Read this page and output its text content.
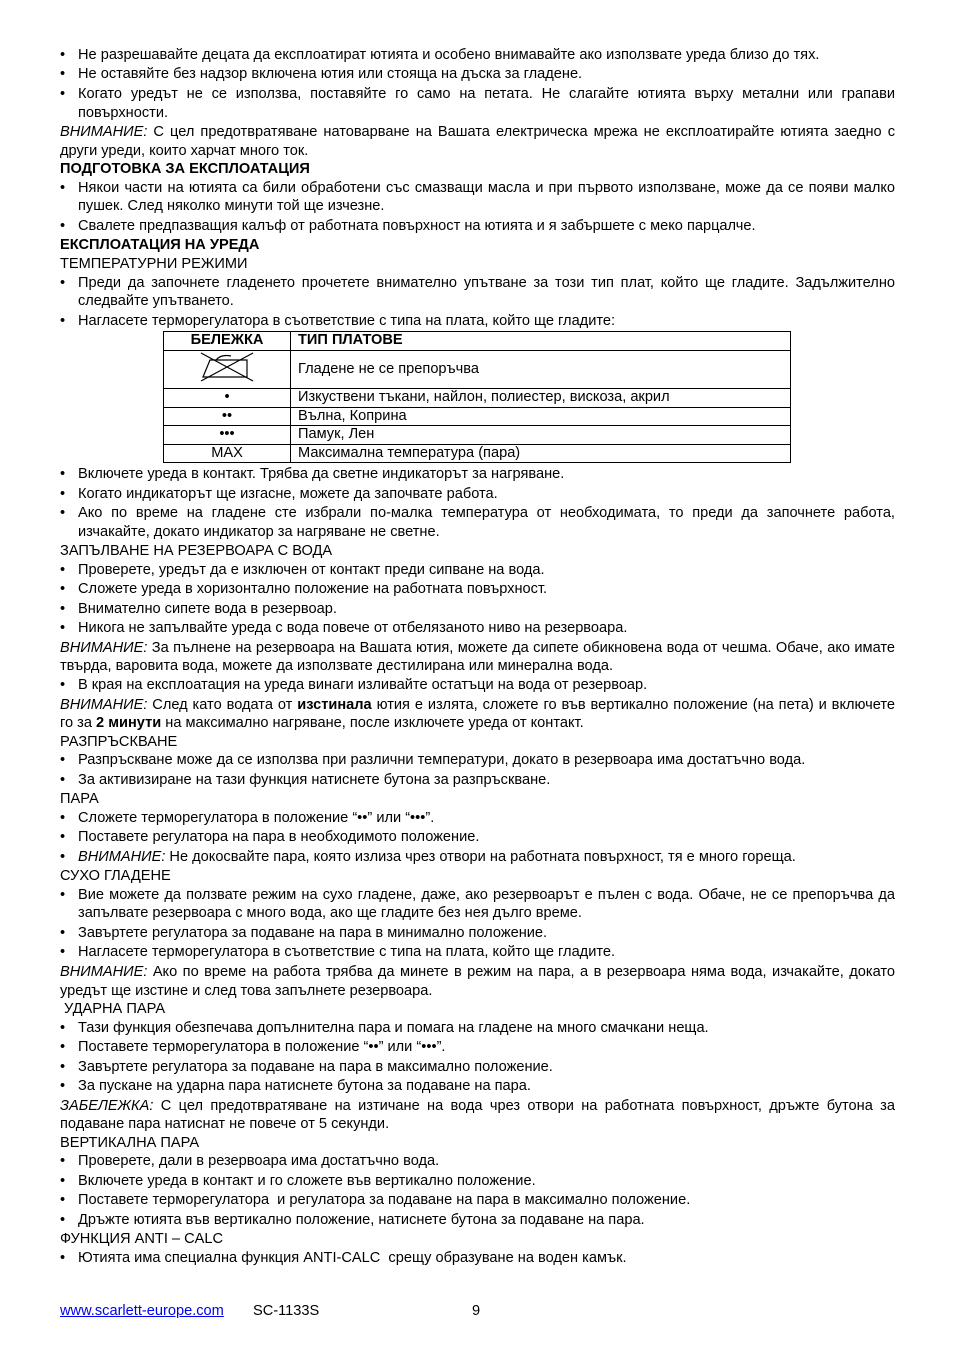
• Не разрешавайте децата да експлоатират ютията и особено внимавайте ако използвате уреда близо до тях.
• Не оставяйте без надзор включена ютия или стояща на дъска за гладене.
• Когато уредът не се използва, поставяйте го само на петата. Не слагайте ютията върху метални или грапави повърхности.
ВНИМАНИЕ: С цел предотвратяване натоварване на Вашата електрическа мрежа не експлоатирайте ютията заедно с други уреди, които харчат много ток.
ПОДГОТОВКА ЗА ЕКСПЛОАТАЦИЯ
• Някои части на ютията са били обработени със смазващи масла и при първото използване, може да се появи малко пушек. След няколко минути той ще изчезне.
• Свалете предпазващия калъф от работната повърхност на ютията и я забършете с меко парцалче.
ЕКСПЛОАТАЦИЯ НА УРЕДА
ТЕМПЕРАТУРНИ РЕЖИМИ
• Преди да започнете гладенето прочетете внимателно упътване за този тип плат, който ще гладите. Задължително следвайте упътването.
• Нагласете терморегулатора в съответствие с типа на плата, който ще гладите:
БЕЛЕЖКА	ТИП ПЛАТОВЕ
	Гладене не се препоръчва
•	Изкуствени тъкани, найлон, полиестер, вискоза, акрил
••	Вълна, Коприна
•••	Памук, Лен
MAX	Максимална температура (пара)
• Включете уреда в контакт. Трябва да светне индикаторът за нагряване.
• Когато индикаторът ще изгасне, можете да започвате работа.
• Ако по време на гладене сте избрали по-малка температура от необходимата, то преди да започнете работа, изчакайте, докато индикатор за нагряване не светне.
ЗАПЪЛВАНЕ НА РЕЗЕРВОАРА С ВОДА
• Проверете, уредът да е изключен от контакт преди сипване на вода.
• Сложете уреда в хоризонтално положение на работната повърхност.
• Внимателно сипете вода в резервоар.
• Никога не запълвайте уреда с вода повече от отбелязаното ниво на резервоара.
ВНИМАНИЕ: За пълнене на резервоара на Вашата ютия, можете да сипете обикновена вода от чешма. Обаче, ако имате твърда, варовита вода, можете да използвате дестилирана или минерална вода.
• В края на експлоатация на уреда винаги изливайте остатъци на вода от резервоар.
ВНИМАНИЕ: След като водата от изстинала ютия е излята, сложете го във вертикално положение (на пета) и включете го за 2 минути на максимално нагряване, после изключете уреда от контакт.
РАЗПРЪСКВАНЕ
• Разпръскване може да се използва при различни температури, докато в резервоара има достатъчно вода.
• За активизиране на тази функция натиснете бутона за разпръскване.
ПАРА
• Сложете терморегулатора в положение “••” или “•••”.
• Поставете регулатора на пара в необходимото положение.
• ВНИМАНИЕ: Не докосвайте пара, която излиза чрез отвори на работната повърхност, тя е много гореща.
СУХО ГЛАДЕНЕ
• Вие можете да ползвате режим на сухо гладене, даже, ако резервоарът е пълен с вода. Обаче, не се препоръчва да запълвате резервоара с много вода, ако ще гладите без нея дълго време.
• Завъртете регулатора за подаване на пара в минимално положение.
• Нагласете терморегулатора в съответствие с типа на плата, който ще гладите.
ВНИМАНИЕ: Ако по време на работа трябва да минете в режим на пара, а в резервоара няма вода, изчакайте, докато уредът ще изстине и след това запълнете резервоара.
УДАРНА ПАРА
• Тази функция обезпечава допълнителна пара и помага на гладене на много смачкани неща.
• Поставете терморегулатора в положение “••” или “•••”.
• Завъртете регулатора за подаване на пара в максимално положение.
• За пускане на ударна пара натиснете бутона за подаване на пара.
ЗАБЕЛЕЖКА: С цел предотвратяване на изтичане на вода чрез отвори на работната повърхност, дръжте бутона за подаване пара натиснат не повече от 5 секунди.
ВЕРТИКАЛНА ПАРА
• Проверете, дали в резервоара има достатъчно вода.
• Включете уреда в контакт и го сложете във вертикално положение.
• Поставете терморегулатора  и регулатора за подаване на пара в максимално положение.
• Дръжте ютията във вертикално положение, натиснете бутона за подаване на пара.
ФУНКЦИЯ ANTI – CALC
• Ютията има специална функция ANTI-CALC  срещу образуване на воден камък.
www.scarlett-europe.com SC-1133S	9
